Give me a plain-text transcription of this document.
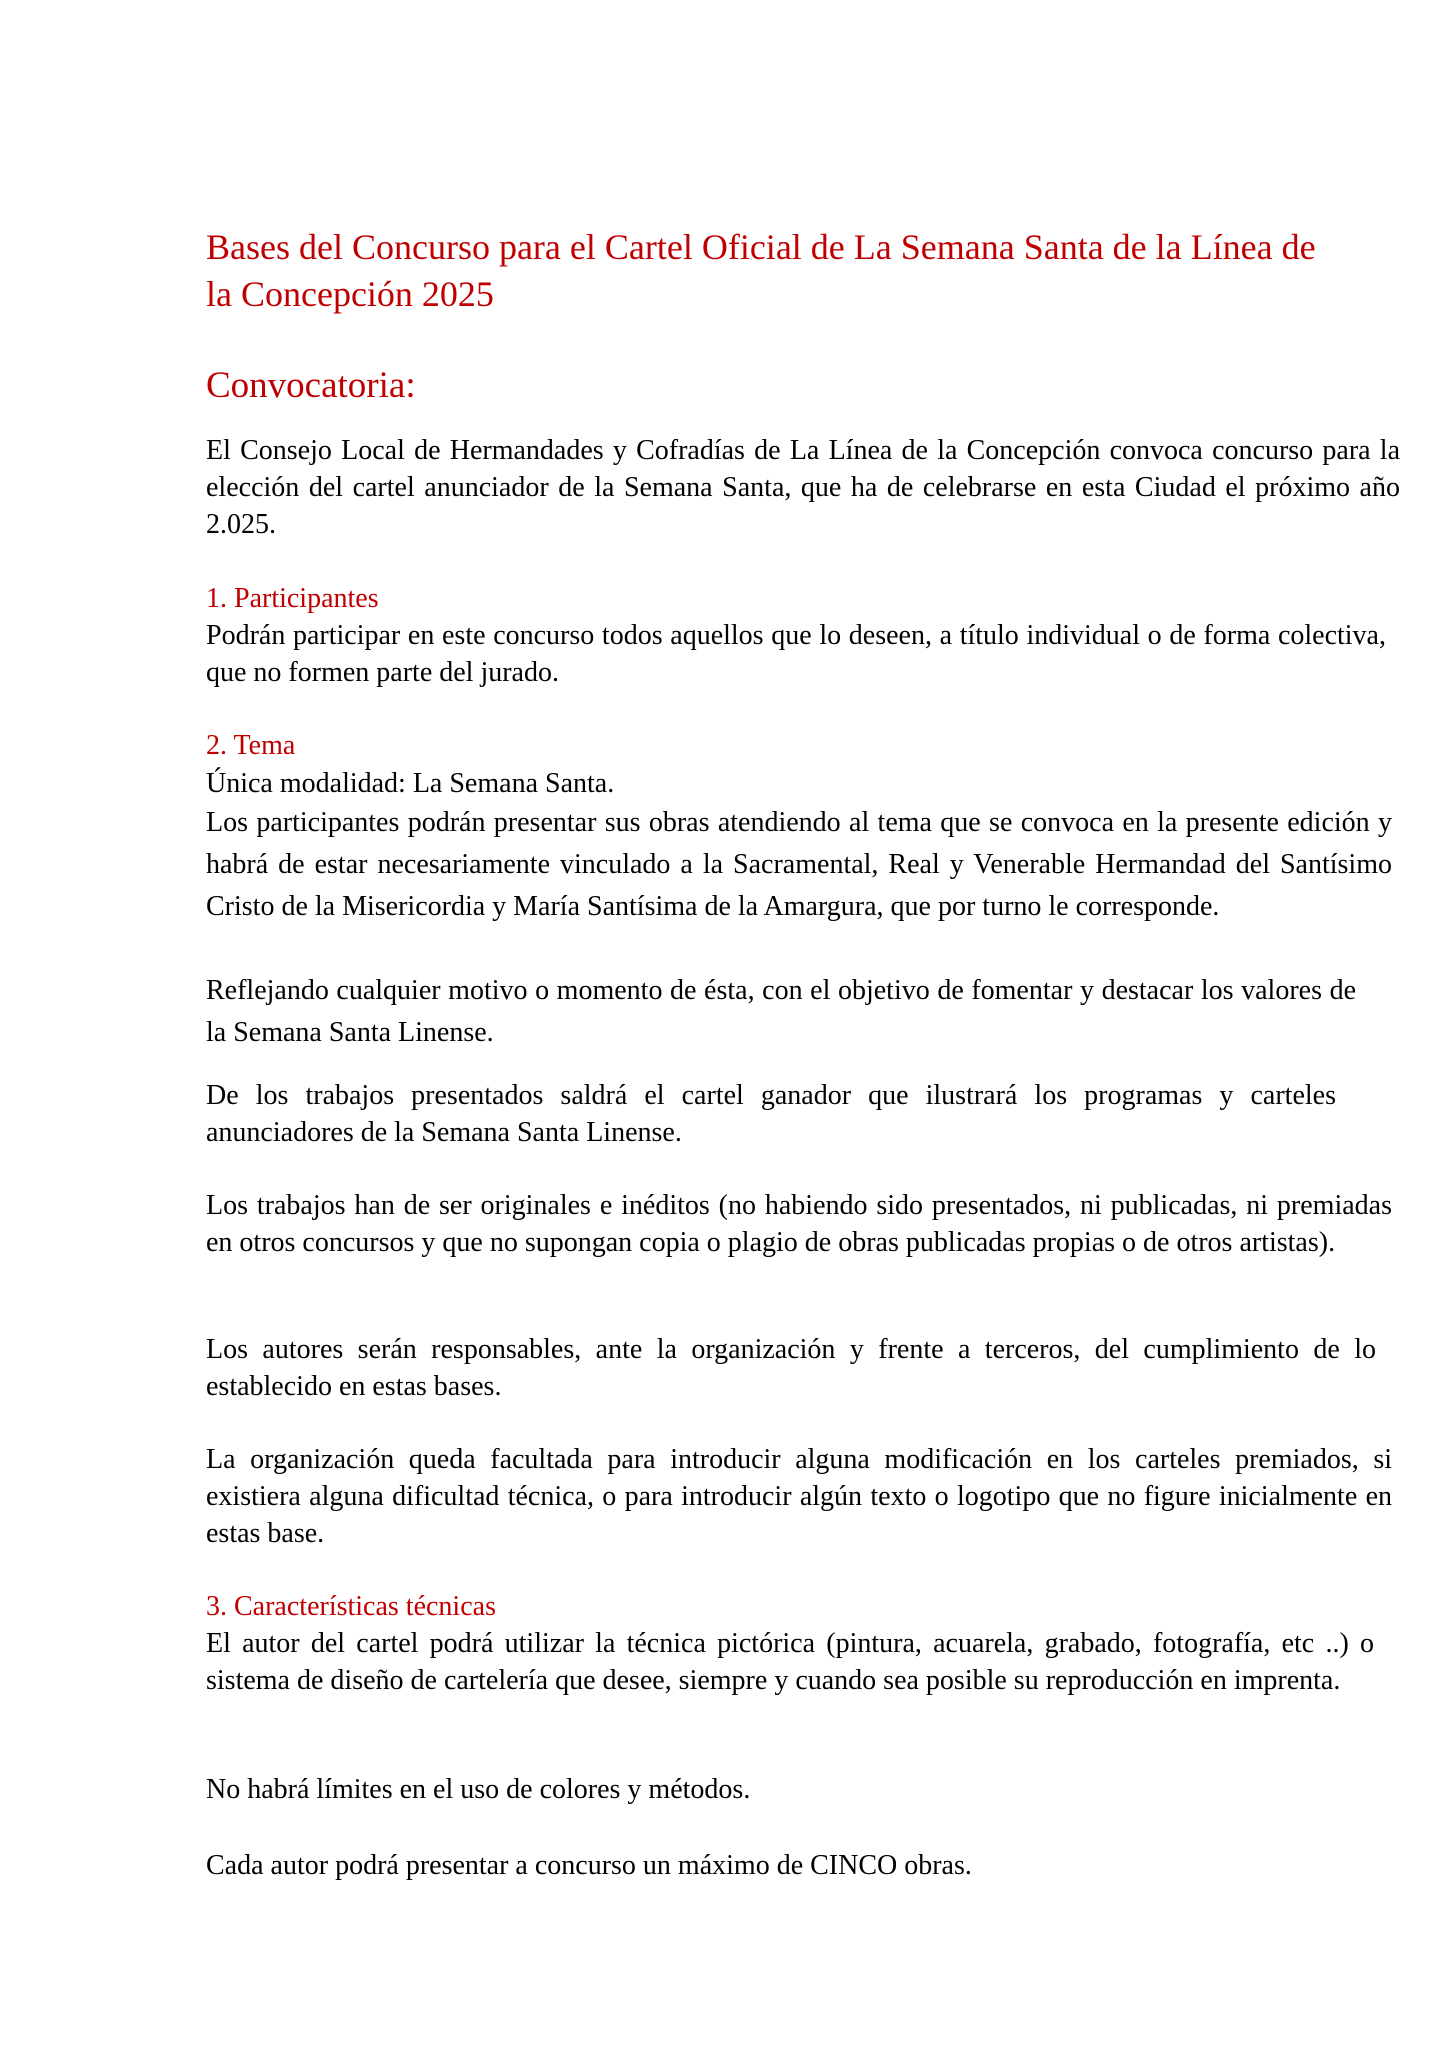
Bases del Concurso para el Cartel Oficial de La Semana Santa de la Línea de
la Concepción 2025
Convocatoria:
El Consejo Local de Hermandades y Cofradías de La Línea de la Concepción convoca concurso para la elección del cartel anunciador de la Semana Santa, que ha de celebrarse en esta Ciudad el próximo año 2.025.
1. Participantes
Podrán participar en este concurso todos aquellos que lo deseen, a título individual o de forma colectiva, que no formen parte del jurado.
2. Tema
Única modalidad: La Semana Santa.
Los participantes podrán presentar sus obras atendiendo al tema que se convoca en la presente edición y habrá de estar necesariamente vinculado a la Sacramental, Real y Venerable Hermandad del Santísimo Cristo de la Misericordia y María Santísima de la Amargura, que por turno le corresponde.
Reflejando cualquier motivo o momento de ésta, con el objetivo de fomentar y destacar los valores de la Semana Santa Linense.
De los trabajos presentados saldrá el cartel ganador que ilustrará los programas y carteles anunciadores de la Semana Santa Linense.
Los trabajos han de ser originales e inéditos (no habiendo sido presentados, ni publicadas, ni premiadas en otros concursos y que no supongan copia o plagio de obras publicadas propias o de otros artistas).
Los autores serán responsables, ante la organización y frente a terceros, del cumplimiento de lo establecido en estas bases.
La organización queda facultada para introducir alguna modificación en los carteles premiados, si existiera alguna dificultad técnica, o para introducir algún texto o logotipo que no figure inicialmente en estas base.
3. Características técnicas
El autor del cartel podrá utilizar la técnica pictórica (pintura, acuarela, grabado, fotografía, etc ..) o sistema de diseño de cartelería que desee, siempre y cuando sea posible su reproducción en imprenta.
No habrá límites en el uso de colores y métodos.
Cada autor podrá presentar a concurso un máximo de CINCO obras.
